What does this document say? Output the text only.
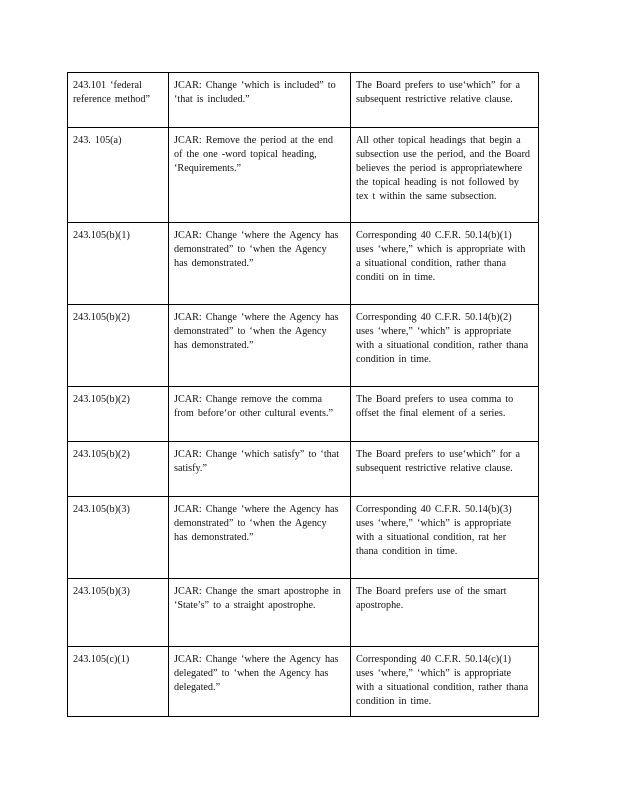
243.101 ‘federal reference method”	JCAR: Change ‘which is included” to ‘that is included.”	The Board prefers to use‘which” for a subsequent restrictive relative clause.
243. 105(a)	JCAR: Remove the period at the end of the one -word topical heading, ‘Requirements.”	All other topical headings that begin a subsection use the period, and the Board believes the period is appropriatewhere the topical heading is not followed by tex t within the same subsection.
243.105(b)(1)	JCAR: Change ‘where the Agency has demonstrated” to ‘when the Agency has demonstrated.”	Corresponding 40 C.F.R. 50.14(b)(1) uses ‘where,” which is appropriate with a situational condition, rather thana conditi on in time.
243.105(b)(2)	JCAR: Change ‘where the Agency has demonstrated” to ‘when the Agency has demonstrated.”	Corresponding 40 C.F.R. 50.14(b)(2) uses ‘where,” ‘which” is appropriate with a situational condition, rather thana condition in time.
243.105(b)(2)	JCAR: Change remove the comma from before‘or other cultural events.”	The Board prefers to usea comma to offset the final element of a series.
243.105(b)(2)	JCAR: Change ‘which satisfy” to ‘that satisfy.”	The Board prefers to use‘which” for a subsequent restrictive relative clause.
243.105(b)(3)	JCAR: Change ‘where the Agency has demonstrated” to ‘when the Agency has demonstrated.”	Corresponding 40 C.F.R. 50.14(b)(3) uses ‘where,” ‘which” is appropriate with a situational condition, rat her thana condition in time.
243.105(b)(3)	JCAR: Change the smart apostrophe in ‘State’s” to a straight apostrophe.	The Board prefers use of the smart apostrophe.
243.105(c)(1)	JCAR: Change ‘where the Agency has delegated” to ‘when the Agency has delegated.”	Corresponding 40 C.F.R. 50.14(c)(1) uses ‘where,” ‘which” is appropriate with a situational condition, rather thana condition in time.
